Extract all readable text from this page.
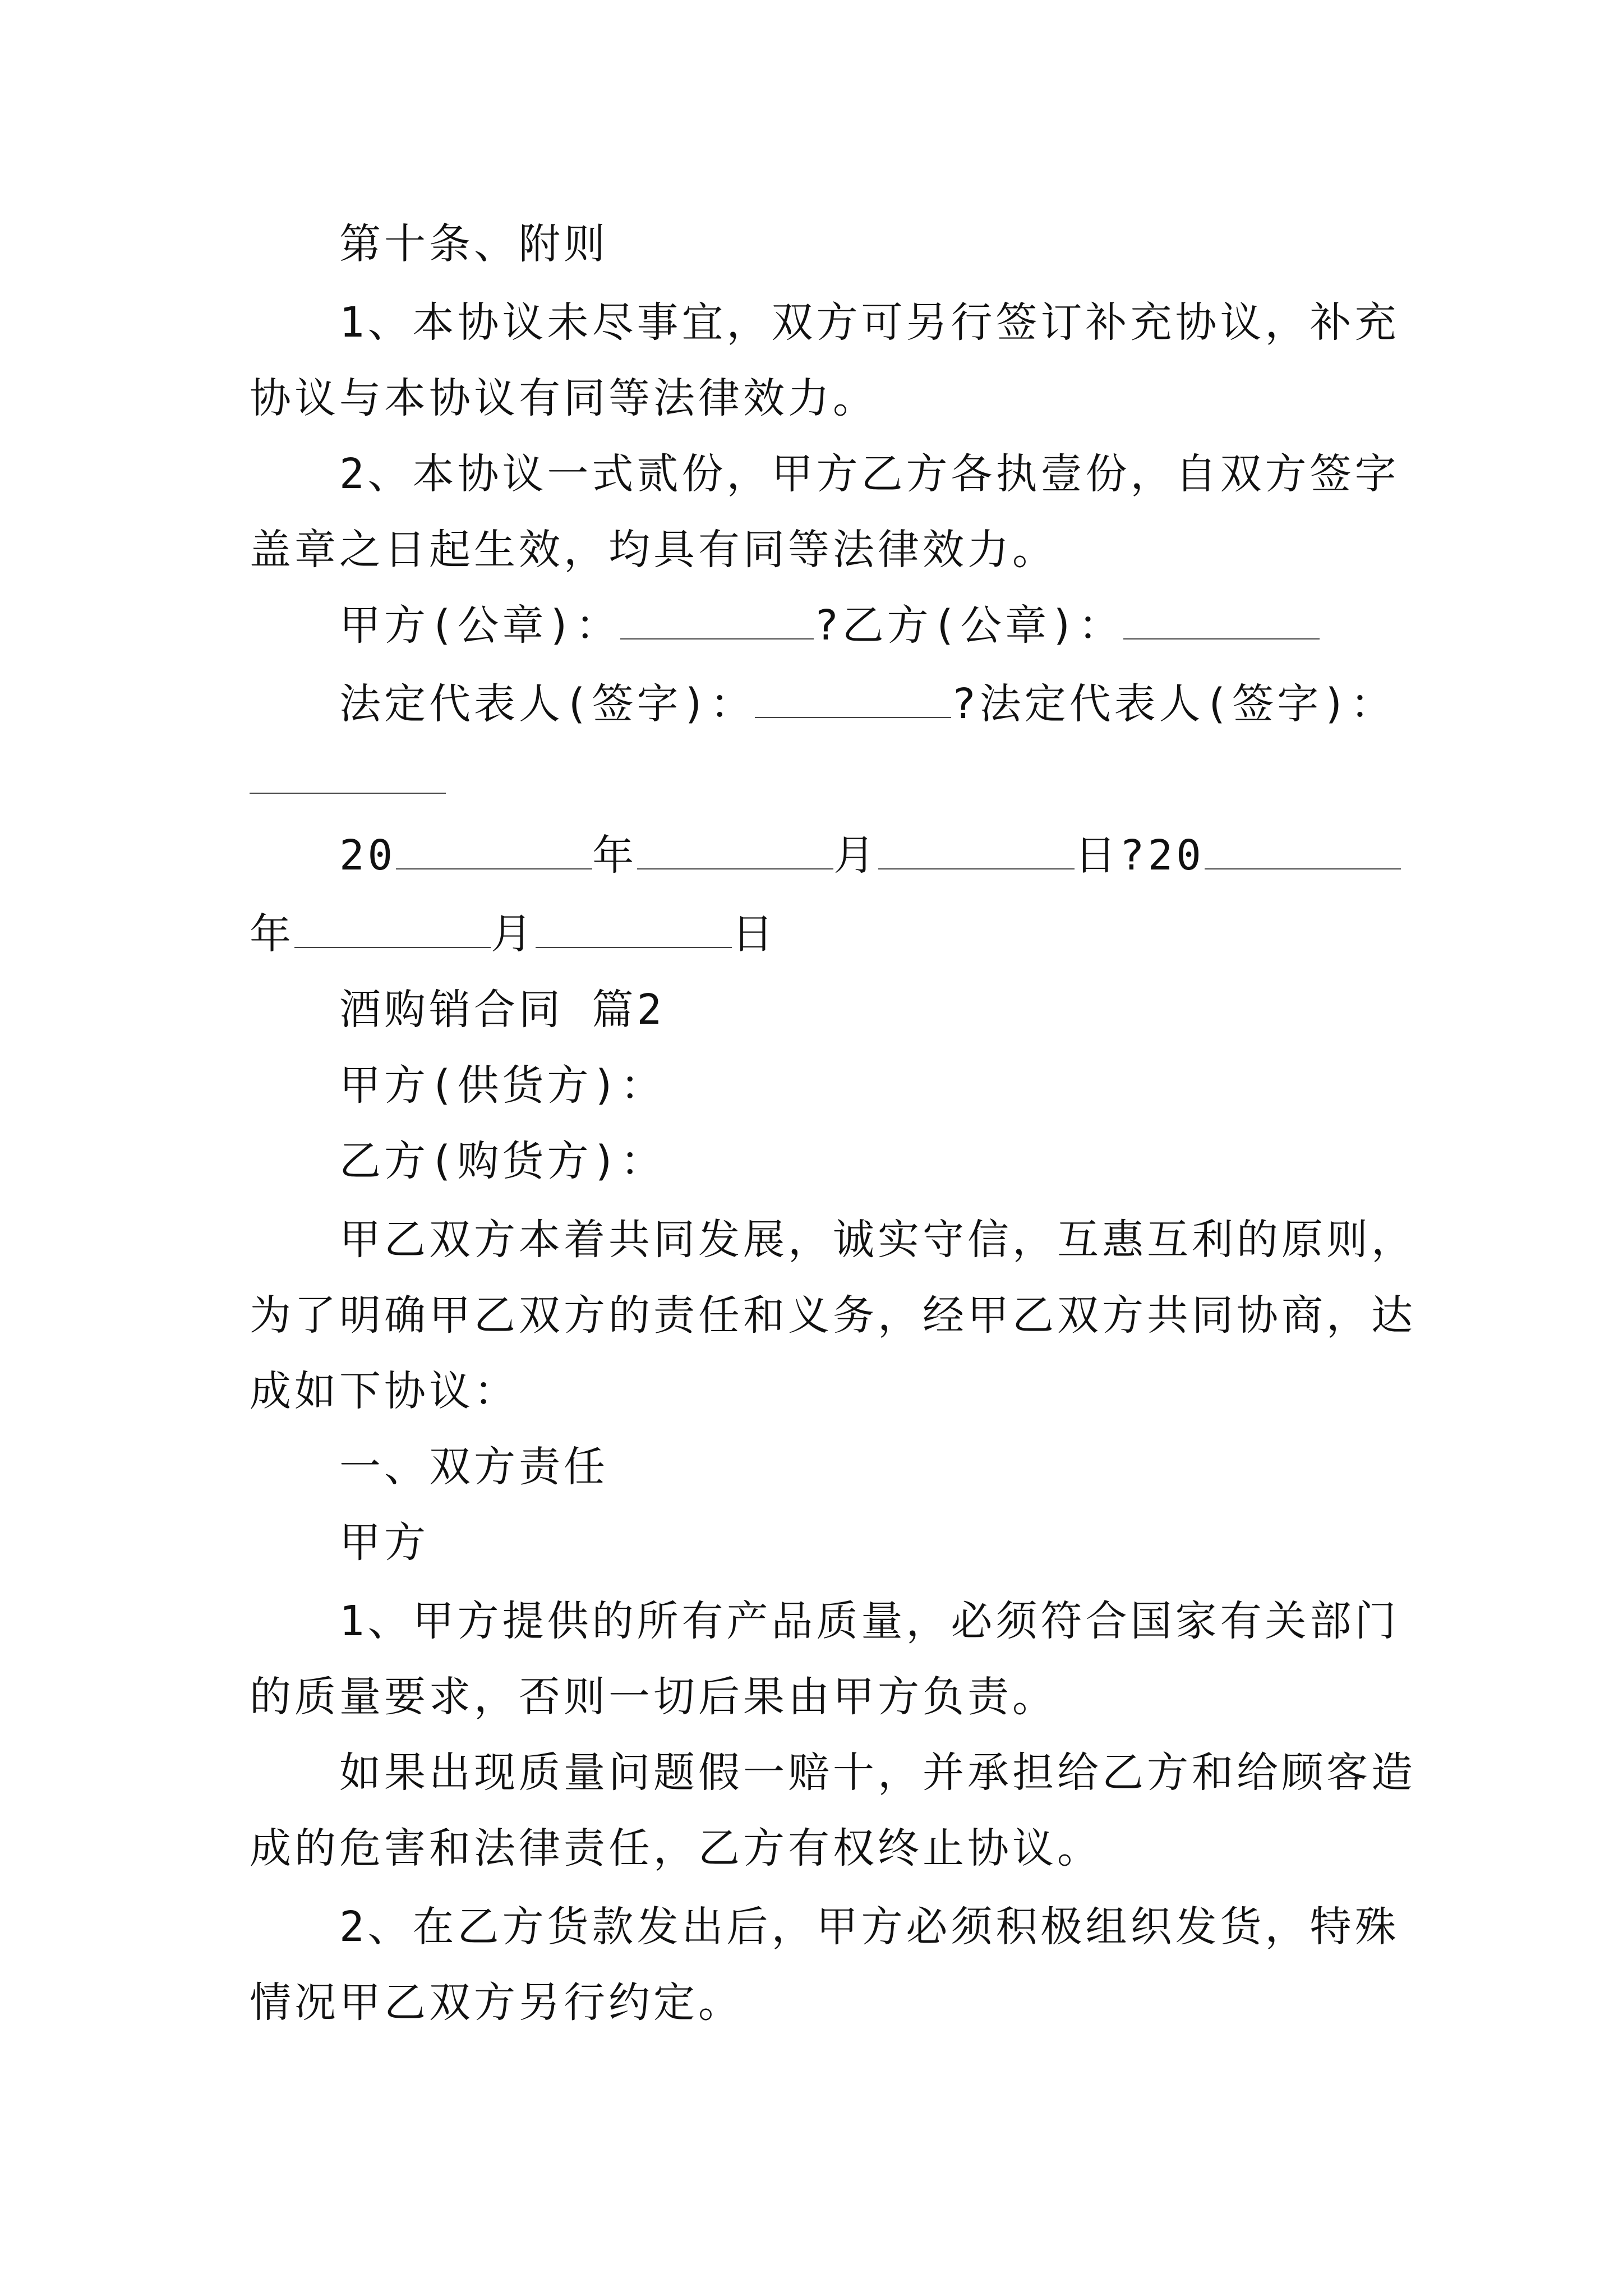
第十条、附则
1、本协议未尽事宜，双方可另行签订补充协议，补充
协议与本协议有同等法律效力。
2、本协议一式贰份，甲方乙方各执壹份，自双方签字
盖章之日起生效，均具有同等法律效力。
甲方(公章)：	?乙方(公章)：
法定代表人(签字)：	?法定代表人(签字)：
20	年	月	日?20
年	月	日
酒购销合同 篇2
甲方(供货方)：
乙方(购货方)：
甲乙双方本着共同发展，诚实守信，互惠互利的原则，
为了明确甲乙双方的责任和义务，经甲乙双方共同协商，达
成如下协议：
一、双方责任
甲方
1、甲方提供的所有产品质量，必须符合国家有关部门
的质量要求，否则一切后果由甲方负责。
如果出现质量问题假一赔十，并承担给乙方和给顾客造
成的危害和法律责任，乙方有权终止协议。
2、在乙方货款发出后，甲方必须积极组织发货，特殊
情况甲乙双方另行约定。
